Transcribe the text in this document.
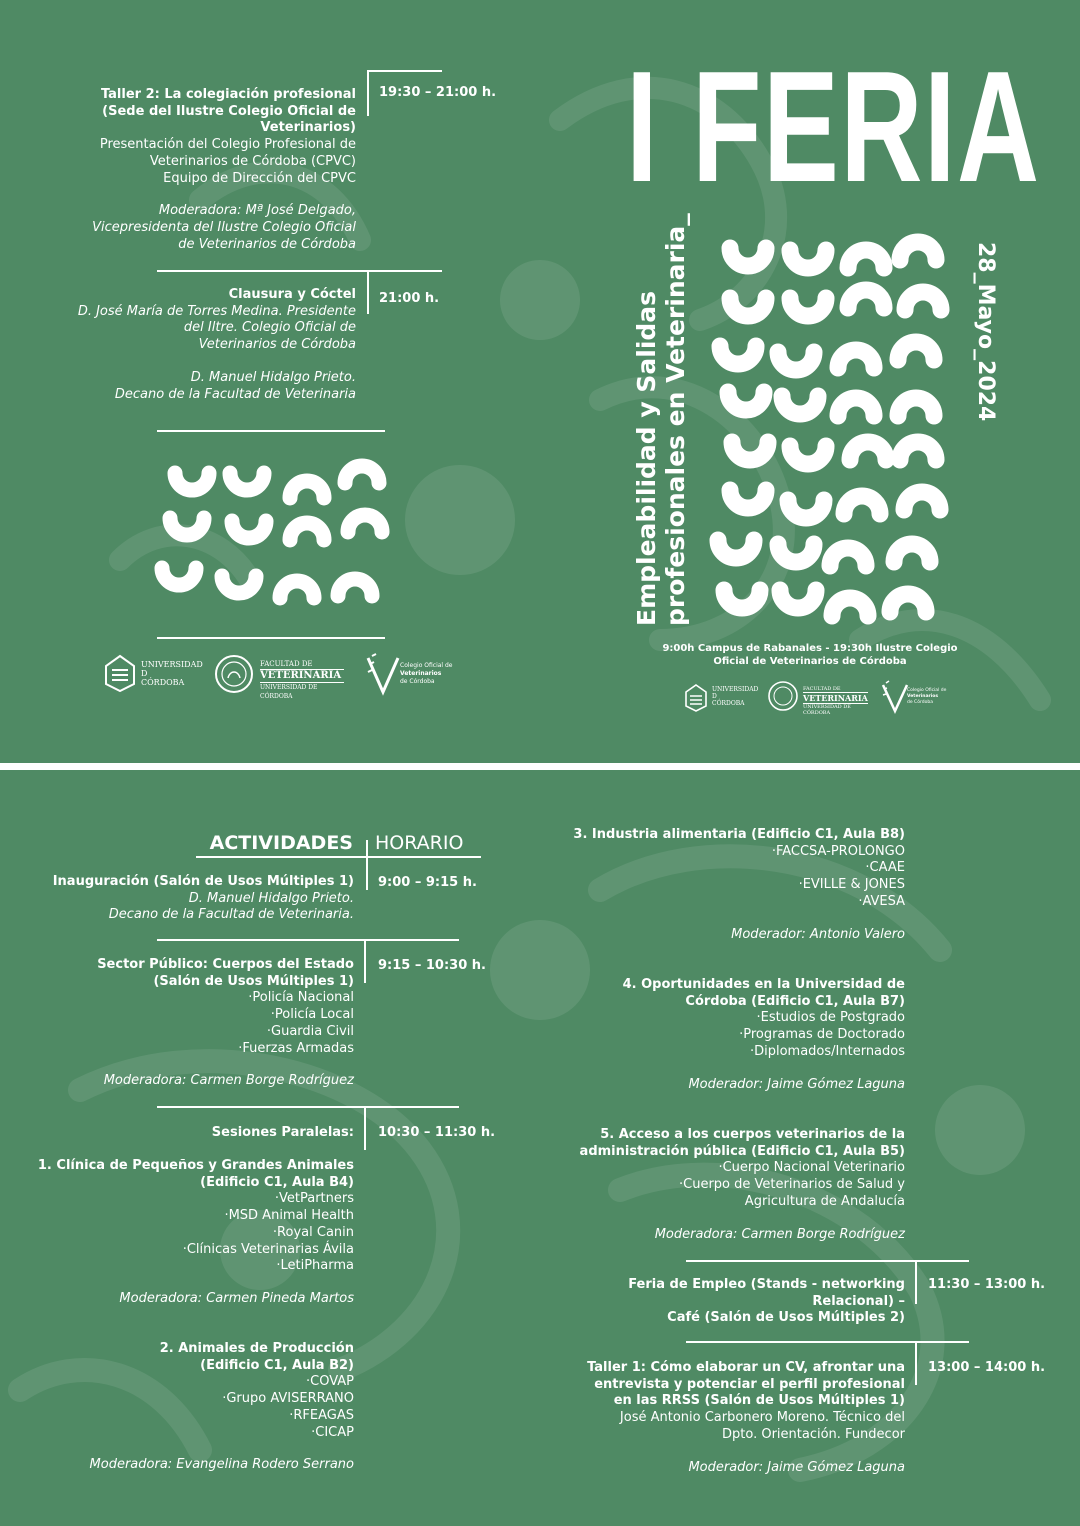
Taller 2: La colegiación profesional
(Sede del Ilustre Colegio Oficial de
Veterinarios)
Presentación del Colegio Profesional de
Veterinarios de Córdoba (CPVC)
Equipo de Dirección del CPVC
Moderadora: Mª José Delgado,
Vicepresidenta del Ilustre Colegio Oficial
de Veterinarios de Córdoba
19:30 – 21:00 h.
Clausura y Cóctel
D. José María de Torres Medina. Presidente
del Iltre. Colegio Oficial de
Veterinarios de Córdoba
D. Manuel Hidalgo Prieto.
Decano de la Facultad de Veterinaria
21:00 h.
UNIVERSIDAD
D
CÓRDOBA
FACULTAD DE
VETERINARIA
UNIVERSIDAD DE CÓRDOBA
Colegio Oficial de
Veterinarios
de Córdoba
I FERIA
Empleabilidad y Salidas profesionales en Veterinaria_	28_Mayo_2024
9:00h Campus de Rabanales - 19:30h Ilustre Colegio
Oficial de Veterinarios de Córdoba
UNIVERSIDAD
D
CÓRDOBA
FACULTAD DE
VETERINARIA
UNIVERSIDAD DE CÓRDOBA
Colegio Oficial de
Veterinarios
de Córdoba
ACTIVIDADES HORARIO
Inauguración (Salón de Usos Múltiples 1)
D. Manuel Hidalgo Prieto.
Decano de la Facultad de Veterinaria.
9:00 – 9:15 h.
Sector Público: Cuerpos del Estado
(Salón de Usos Múltiples 1)
·Policía Nacional
·Policía Local
·Guardia Civil
·Fuerzas Armadas
Moderadora: Carmen Borge Rodríguez
9:15 – 10:30 h.
Sesiones Paralelas: 10:30 – 11:30 h.
1. Clínica de Pequeños y Grandes Animales
(Edificio C1, Aula B4)
·VetPartners
·MSD Animal Health
·Royal Canin
·Clínicas Veterinarias Ávila
·LetiPharma
Moderadora: Carmen Pineda Martos
2. Animales de Producción
(Edificio C1, Aula B2)
·COVAP
·Grupo AVISERRANO
·RFEAGAS
·CICAP
Moderadora: Evangelina Rodero Serrano
3. Industria alimentaria (Edificio C1, Aula B8)
·FACCSA-PROLONGO
·CAAE
·EVILLE & JONES
·AVESA
Moderador: Antonio Valero
4. Oportunidades en la Universidad de
Córdoba (Edificio C1, Aula B7)
·Estudios de Postgrado
·Programas de Doctorado
·Diplomados/Internados
Moderador: Jaime Gómez Laguna
5. Acceso a los cuerpos veterinarios de la
administración pública (Edificio C1, Aula B5)
·Cuerpo Nacional Veterinario
·Cuerpo de Veterinarios de Salud y
Agricultura de Andalucía
Moderadora: Carmen Borge Rodríguez
Feria de Empleo (Stands - networking
Relacional) –
Café (Salón de Usos Múltiples 2)
11:30 – 13:00 h.
Taller 1: Cómo elaborar un CV, afrontar una
entrevista y potenciar el perfil profesional
en las RRSS (Salón de Usos Múltiples 1)
José Antonio Carbonero Moreno. Técnico del
Dpto. Orientación. Fundecor
Moderador: Jaime Gómez Laguna
13:00 – 14:00 h.
